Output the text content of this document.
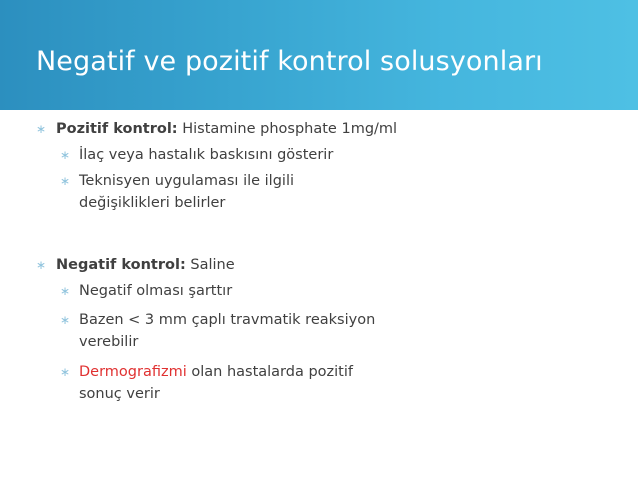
Negatif ve pozitif kontrol solusyonları
∗ Pozitif kontrol: Histamine phosphate 1mg/ml
∗ İlaç veya hastalık baskısını gösterir
∗ Teknisyen uygulaması ile ilgili değişiklikleri belirler
∗ Negatif kontrol: Saline
∗ Negatif olması şarttır
∗ Bazen < 3 mm çaplı travmatik reaksiyon verebilir
∗ Dermografizmi olan hastalarda pozitif sonuç verir
